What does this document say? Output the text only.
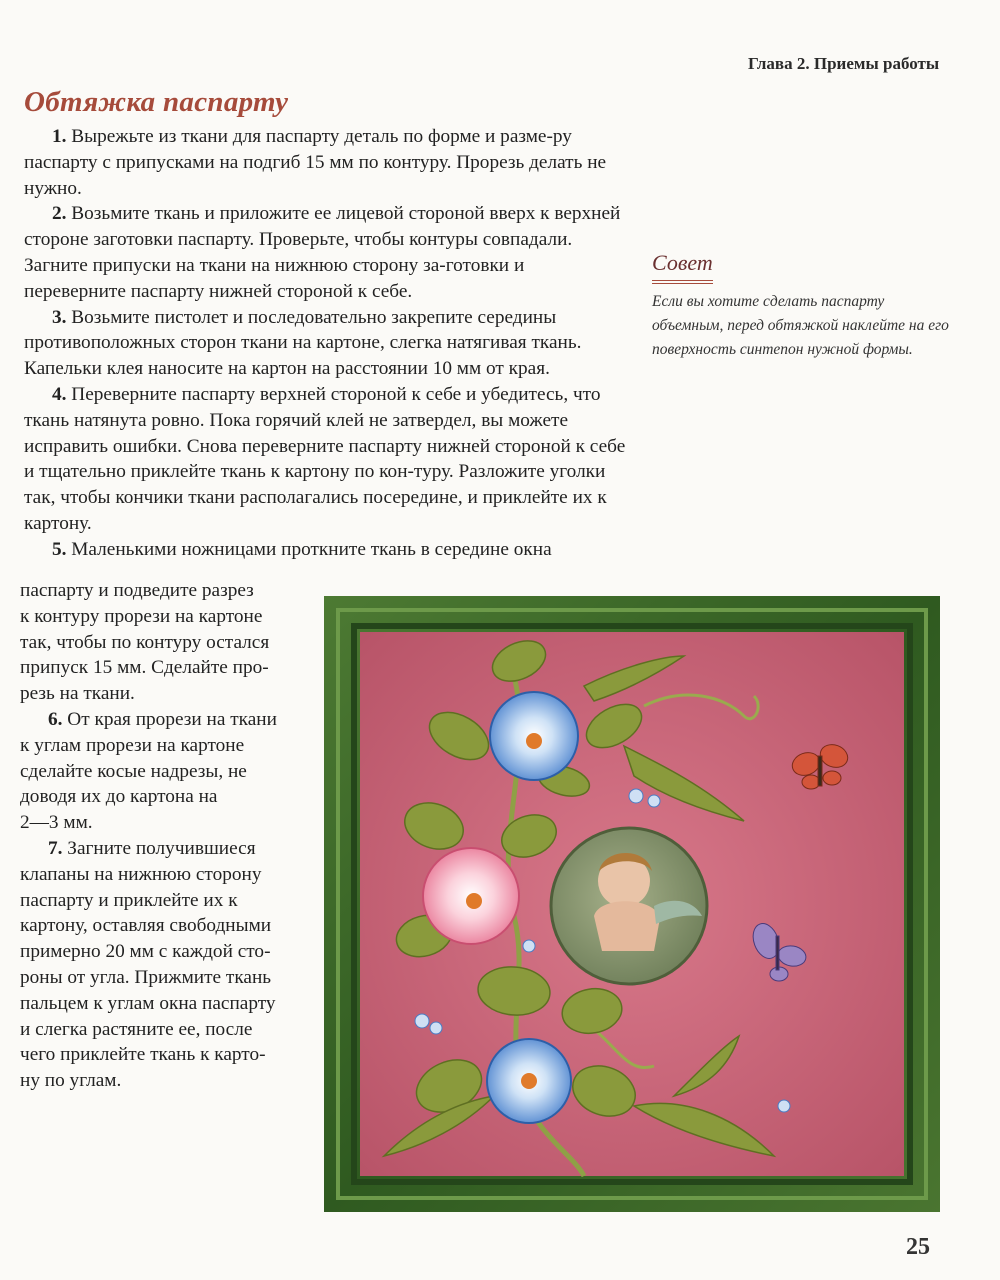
Глава 2. Приемы работы
Обтяжка паспарту

1. Вырежьте из ткани для паспарту деталь по форме и разме-ру паспарту с припусками на подгиб 15 мм по контуру. Прорезь делать не нужно.

2. Возьмите ткань и приложите ее лицевой стороной вверх к верхней стороне заготовки паспарту. Проверьте, чтобы контуры совпадали. Загните припуски на ткани на нижнюю сторону за-готовки и переверните паспарту нижней стороной к себе.

3. Возьмите пистолет и последовательно закрепите середины противоположных сторон ткани на картоне, слегка натягивая ткань. Капельки клея наносите на картон на расстоянии 10 мм от края.

4. Переверните паспарту верхней стороной к себе и убедитесь, что ткань натянута ровно. Пока горячий клей не затвердел, вы можете исправить ошибки. Снова переверните паспарту нижней стороной к себе и тщательно приклейте ткань к картону по кон-туру. Разложите уголки так, чтобы кончики ткани располагались посередине, и приклейте их к картону.

5. Маленькими ножницами проткните ткань в середине окна

паспарту и подведите разрез

к контуру прорези на картоне

так, чтобы по контуру остался

припуск 15 мм. Сделайте про-

резь на ткани.

6. От края прорези на ткани

к углам прорези на картоне

сделайте косые надрезы, не

доводя их до картона на

2—3 мм.

7. Загните получившиеся

клапаны на нижнюю сторону

паспарту и приклейте их к

картону, оставляя свободными

примерно 20 мм с каждой сто-

роны от угла. Прижмите ткань

пальцем к углам окна паспарту

и слегка растяните ее, после

чего приклейте ткань к карто-

ну по углам.

Совет
Если вы хотите сделать паспарту объемным, перед обтяжкой наклейте на его поверхность синтепон нужной формы.
25
